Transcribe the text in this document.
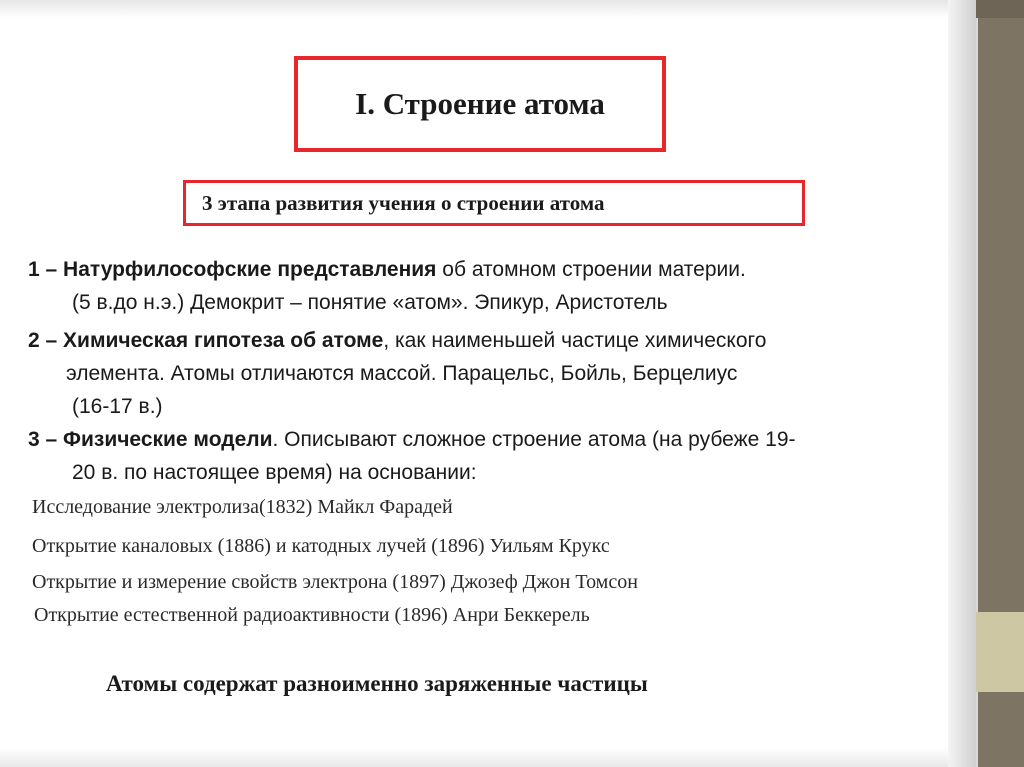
I. Строение атома
3 этапа развития учения о строении атома
1 – Натурфилософские представления об атомном строении материи.
(5 в.до н.э.) Демокрит – понятие «атом». Эпикур, Аристотель
2 – Химическая гипотеза об атоме, как наименьшей частице химического
элемента. Атомы отличаются массой. Парацельс, Бойль, Берцелиус
(16-17 в.)
3 – Физические модели. Описывают сложное строение атома (на рубеже 19-
20 в. по настоящее время) на основании:
Исследование электролиза(1832) Майкл Фарадей
Открытие каналовых (1886) и катодных лучей (1896) Уильям Крукс
Открытие и измерение свойств электрона (1897) Джозеф Джон Томсон
Открытие естественной радиоактивности (1896) Анри Беккерель
Атомы содержат разноименно заряженные частицы
